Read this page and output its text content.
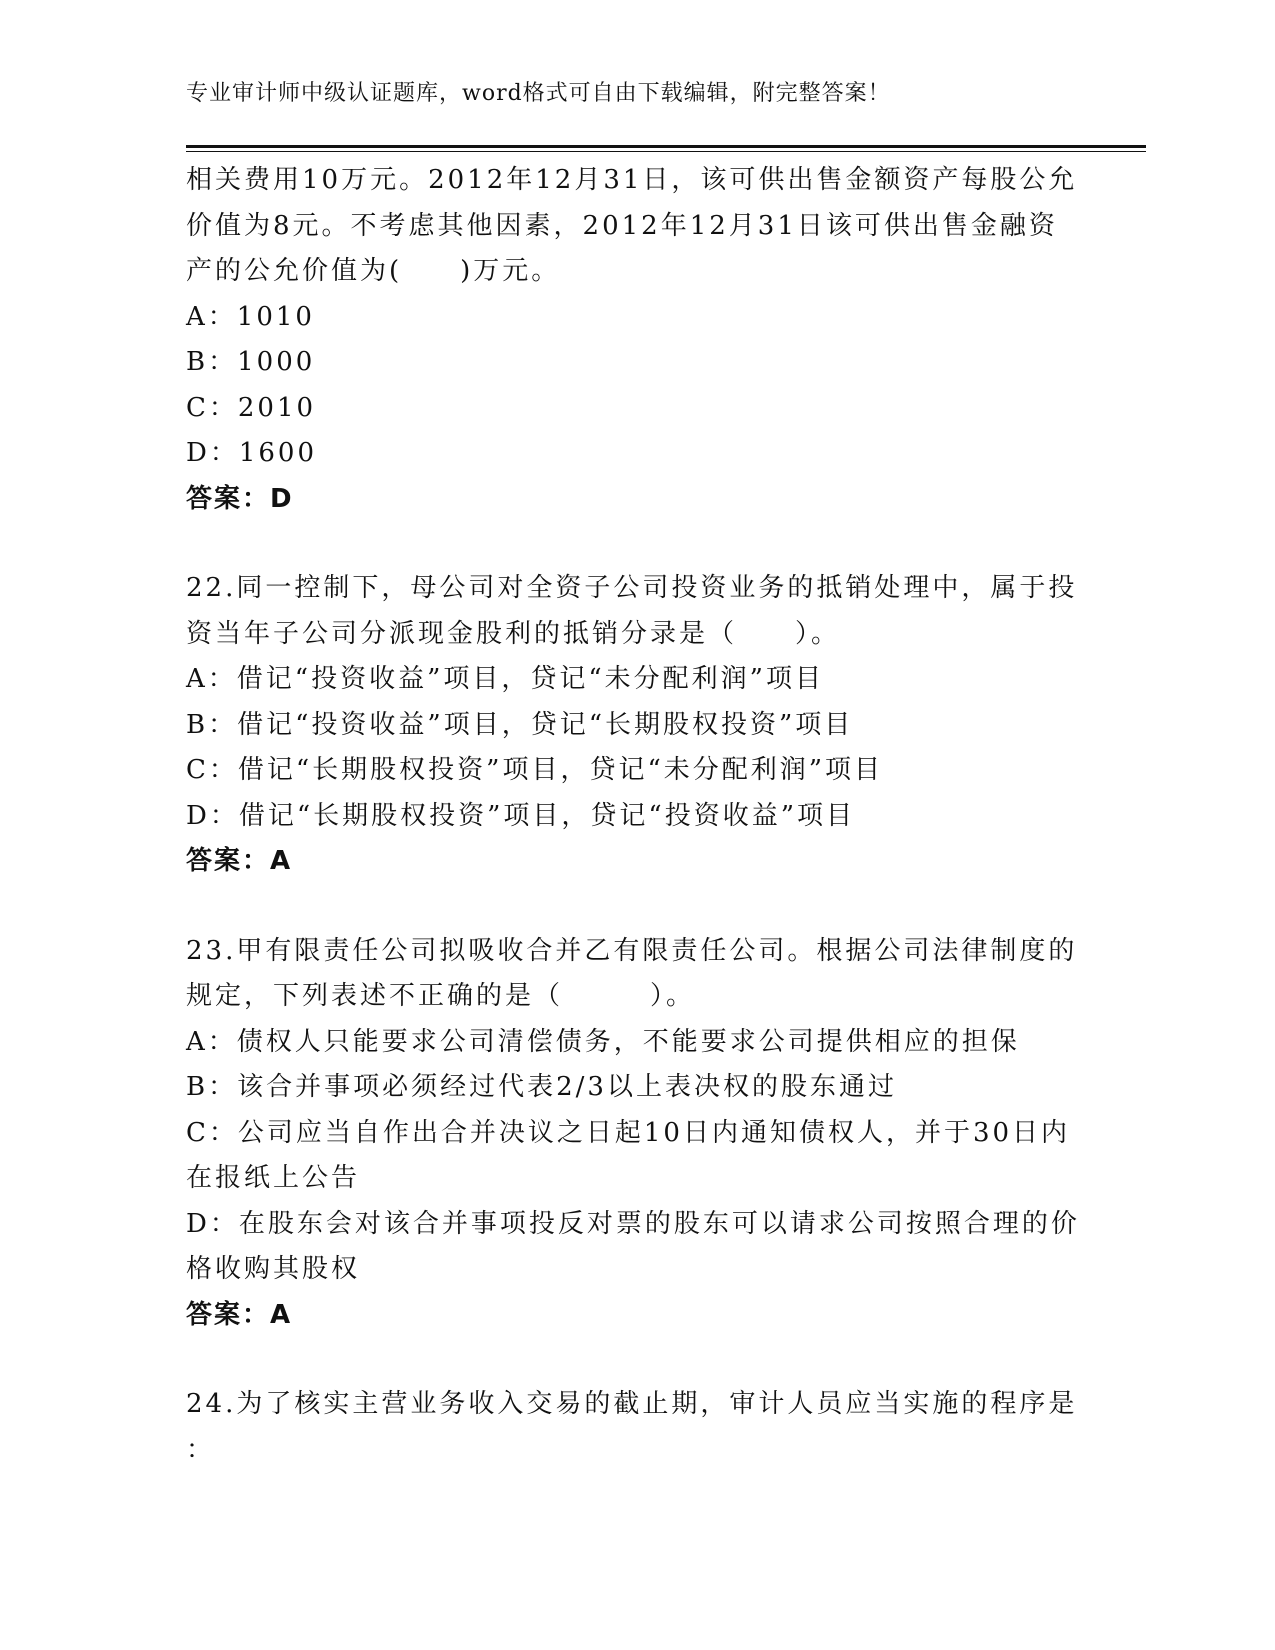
专业审计师中级认证题库，word格式可自由下载编辑，附完整答案！
相关费用10万元。2012年12月31日，该可供出售金额资产每股公允
价值为8元。不考虑其他因素，2012年12月31日该可供出售金融资
产的公允价值为(　　)万元。
A：1010
B：1000
C：2010
D：1600
答案：D
22.同一控制下，母公司对全资子公司投资业务的抵销处理中，属于投
资当年子公司分派现金股利的抵销分录是（　　）。
A：借记“投资收益”项目，贷记“未分配利润”项目
B：借记“投资收益”项目，贷记“长期股权投资”项目
C：借记“长期股权投资”项目，贷记“未分配利润”项目
D：借记“长期股权投资”项目，贷记“投资收益”项目
答案：A
23.甲有限责任公司拟吸收合并乙有限责任公司。根据公司法律制度的
规定，下列表述不正确的是（　　　）。
A：债权人只能要求公司清偿债务，不能要求公司提供相应的担保
B：该合并事项必须经过代表2/3以上表决权的股东通过
C：公司应当自作出合并决议之日起10日内通知债权人，并于30日内
在报纸上公告
D：在股东会对该合并事项投反对票的股东可以请求公司按照合理的价
格收购其股权
答案：A
24.为了核实主营业务收入交易的截止期，审计人员应当实施的程序是
：
